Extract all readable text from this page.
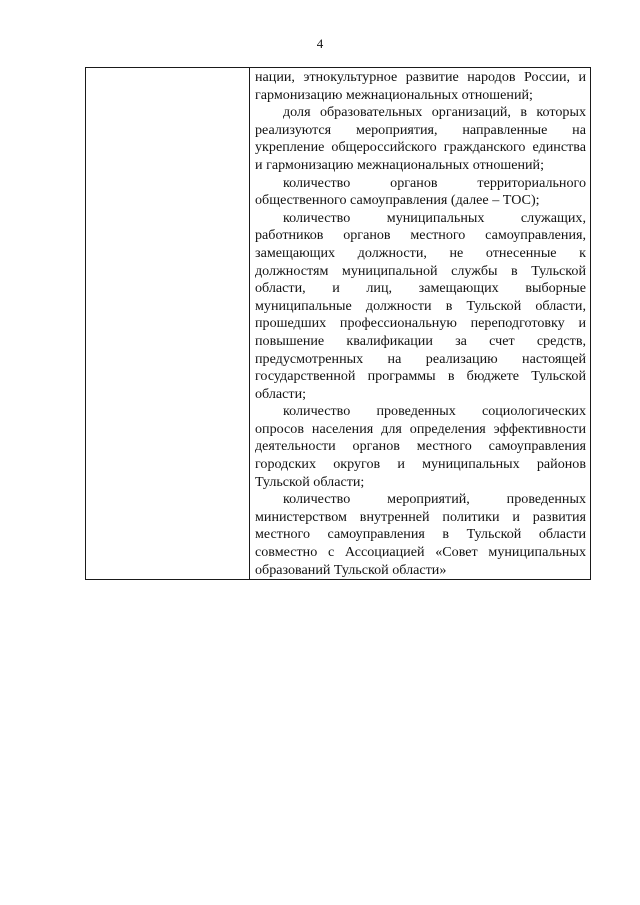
4

нации, этнокультурное развитие народов России, и гармонизацию межнациональных отношений;

доля образовательных организаций, в которых реализуются мероприятия, направленные на укрепление общероссийского гражданского единства и гармонизацию межнациональных отношений;

количество органов территориального общественного самоуправления (далее – ТОС);

количество муниципальных служащих, работников органов местного самоуправления, замещающих должности, не отнесенные к должностям муниципальной службы в Тульской области, и лиц, замещающих выборные муниципальные должности в Тульской области, прошедших профессиональную переподготовку и повышение квалификации за счет средств, предусмотренных на реализацию настоящей государственной программы в бюджете Тульской области;

количество проведенных социологических опросов населения для определения эффективности деятельности органов местного самоуправления городских округов и муниципальных районов Тульской области;

количество мероприятий, проведенных министерством внутренней политики и развития местного самоуправления в Тульской области совместно с Ассоциацией «Совет муниципальных образований Тульской области»
